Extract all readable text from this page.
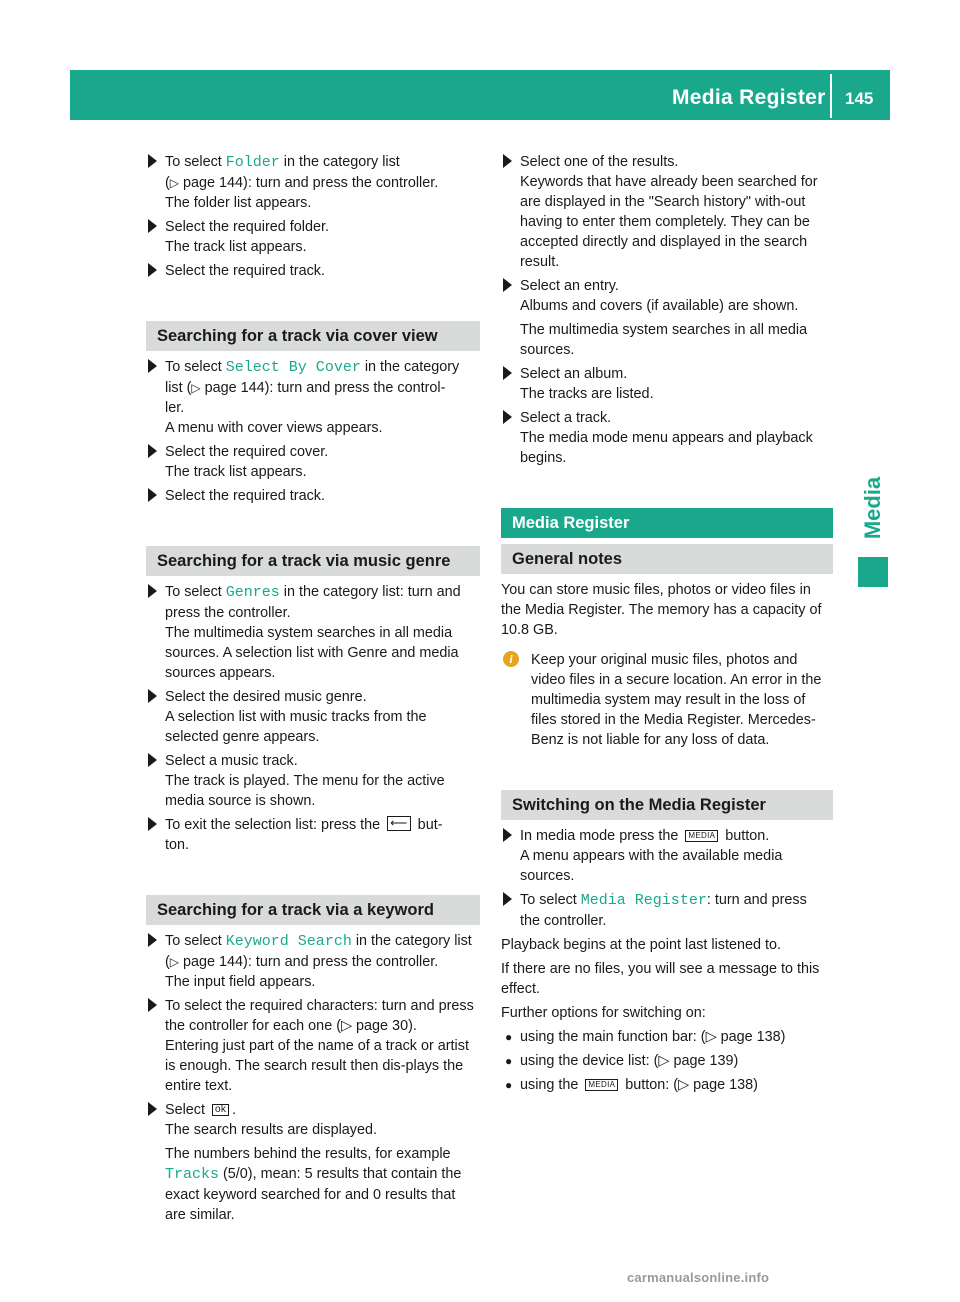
Media Register 145
Media
To select Folder in the category list
(▷ page 144): turn and press the controller.
The folder list appears.
Select the required folder.
The track list appears.
Select the required track.
Searching for a track via cover view
To select Select By Cover in the category
list (▷ page 144): turn and press the control-
ler.
A menu with cover views appears.
Select the required cover.
The track list appears.
Select the required track.
Searching for a track via music genre
To select Genres in the category list: turn and
press the controller.
The multimedia system searches in all media sources. A selection list with Genre and media sources appears.
Select the desired music genre.
A selection list with music tracks from the selected genre appears.
Select a music track.
The track is played. The menu for the active media source is shown.
To exit the selection list: press the ⟵ but-
ton.
Searching for a track via a keyword
To select Keyword Search in the category list
(▷ page 144): turn and press the controller.
The input field appears.
To select the required characters: turn and press the controller for each one (▷ page 30).
Entering just part of the name of a track or artist is enough. The search result then dis-plays the entire text.
Select ok .
The search results are displayed.
The numbers behind the results, for example Tracks (5/0), mean: 5 results that contain the exact keyword searched for and 0 results that are similar.
Select one of the results.
Keywords that have already been searched for are displayed in the "Search history" with-out having to enter them completely. They can be accepted directly and displayed in the search result.
Select an entry.
Albums and covers (if available) are shown.
The multimedia system searches in all media sources.
Select an album.
The tracks are listed.
Select a track.
The media mode menu appears and playback begins.
Media Register
General notes
You can store music files, photos or video files in the Media Register. The memory has a capacity of 10.8 GB.
i	Keep your original music files, photos and video files in a secure location. An error in the multimedia system may result in the loss of files stored in the Media Register. Mercedes-Benz is not liable for any loss of data.
Switching on the Media Register
In media mode press the MEDIA button.
A menu appears with the available media sources.
To select Media Register: turn and press
the controller.
Playback begins at the point last listened to.
If there are no files, you will see a message to this effect.
Further options for switching on:
● using the main function bar: (▷ page 138)
● using the device list: (▷ page 139)
● using the MEDIA button: (▷ page 138)
carmanualsonline.info
